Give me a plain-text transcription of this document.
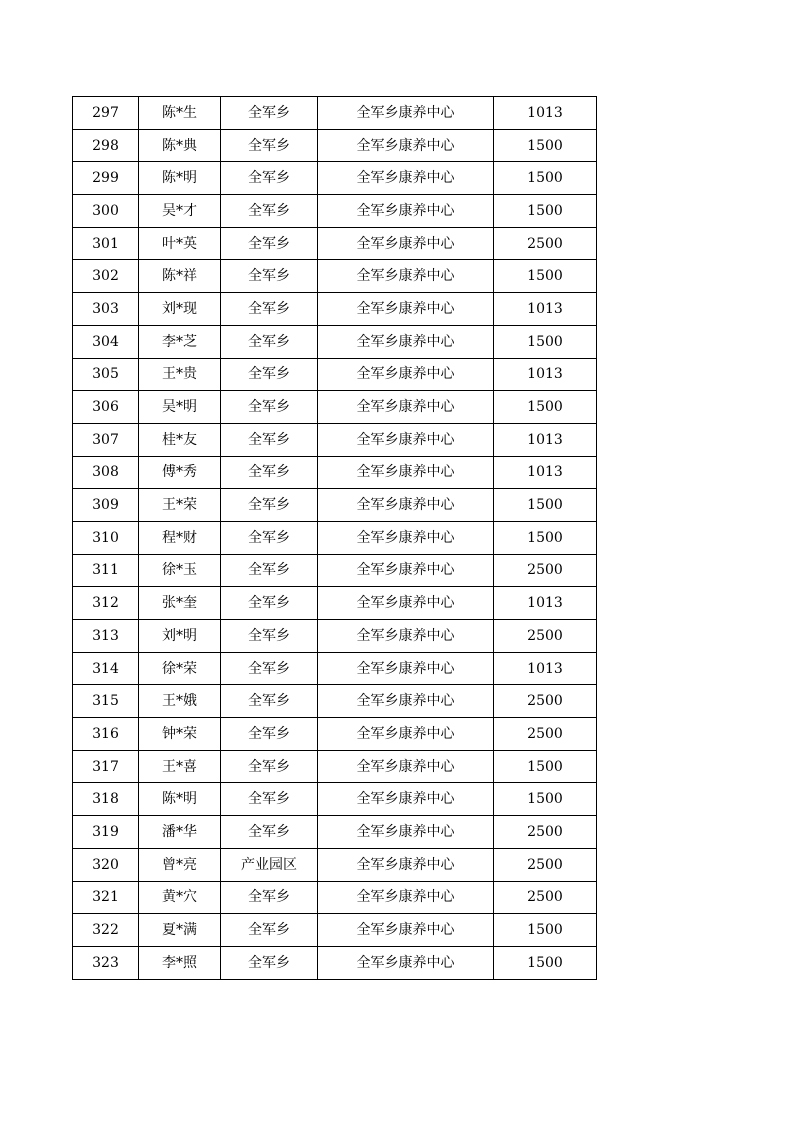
297	陈*生	全军乡	全军乡康养中心	1013
298	陈*典	全军乡	全军乡康养中心	1500
299	陈*明	全军乡	全军乡康养中心	1500
300	吴*才	全军乡	全军乡康养中心	1500
301	叶*英	全军乡	全军乡康养中心	2500
302	陈*祥	全军乡	全军乡康养中心	1500
303	刘*现	全军乡	全军乡康养中心	1013
304	李*芝	全军乡	全军乡康养中心	1500
305	王*贵	全军乡	全军乡康养中心	1013
306	吴*明	全军乡	全军乡康养中心	1500
307	桂*友	全军乡	全军乡康养中心	1013
308	傅*秀	全军乡	全军乡康养中心	1013
309	王*荣	全军乡	全军乡康养中心	1500
310	程*财	全军乡	全军乡康养中心	1500
311	徐*玉	全军乡	全军乡康养中心	2500
312	张*奎	全军乡	全军乡康养中心	1013
313	刘*明	全军乡	全军乡康养中心	2500
314	徐*荣	全军乡	全军乡康养中心	1013
315	王*娥	全军乡	全军乡康养中心	2500
316	钟*荣	全军乡	全军乡康养中心	2500
317	王*喜	全军乡	全军乡康养中心	1500
318	陈*明	全军乡	全军乡康养中心	1500
319	潘*华	全军乡	全军乡康养中心	2500
320	曾*亮	产业园区	全军乡康养中心	2500
321	黄*穴	全军乡	全军乡康养中心	2500
322	夏*满	全军乡	全军乡康养中心	1500
323	李*照	全军乡	全军乡康养中心	1500
